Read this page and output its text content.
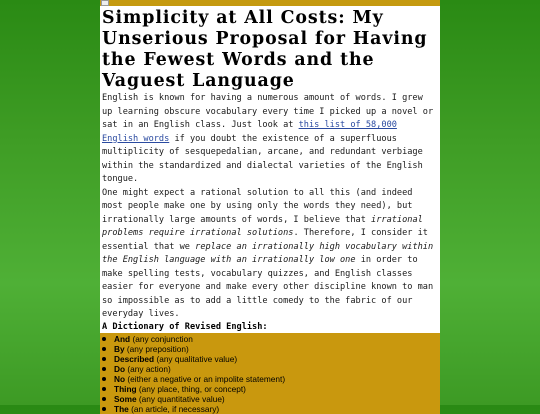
Simplicity at All Costs: My Unserious Proposal for Having the Fewest Words and the Vaguest Language

English is known for having a numerous amount of words. I grew up learning obscure vocabulary every time I picked up a novel or sat in an English class. Just look at this list of 58,000 English words if you doubt the existence of a superfluous multiplicity of sesquepedalian, arcane, and redundant verbiage within the standardized and dialectal varieties of the English tongue.

One might expect a rational solution to all this (and indeed most people make one by using only the words they need), but irrationally large amounts of words, I believe that irrational problems require irrational solutions. Therefore, I consider it essential that we replace an irrationally high vocabulary within the English language with an irrationally low one in order to make spelling tests, vocabulary quizzes, and English classes easier for everyone and make every other discipline known to man so impossible as to add a little comedy to the fabric of our everyday lives.

A Dictionary of Revised English:

And (any conjunction
By (any preposition)
Described (any qualitative value)
Do (any action)
No (either a negative or an impolite statement)
Thing (any place, thing, or concept)
Some (any quantitative value)
The (an article, if necessary)
